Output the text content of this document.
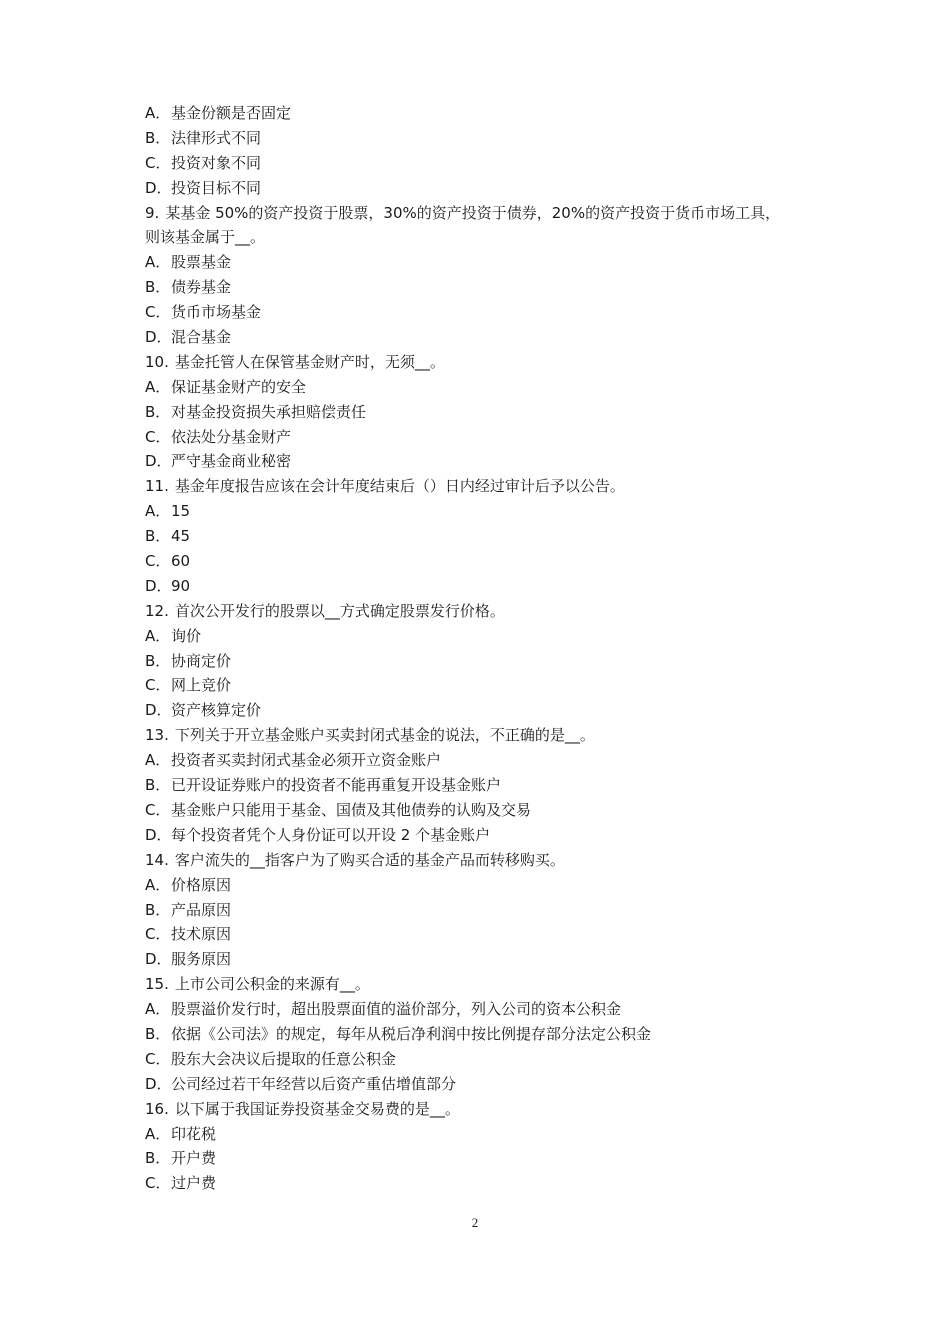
A．基金份额是否固定
B．法律形式不同
C．投资对象不同
D．投资目标不同
9. 某基金 50%的资产投资于股票，30%的资产投资于债券，20%的资产投资于货币市场工具，
则该基金属于__。
A．股票基金
B．债券基金
C．货币市场基金
D．混合基金
10. 基金托管人在保管基金财产时，无须__。
A．保证基金财产的安全
B．对基金投资损失承担赔偿责任
C．依法处分基金财产
D．严守基金商业秘密
11. 基金年度报告应该在会计年度结束后（）日内经过审计后予以公告。
A．15
B．45
C．60
D．90
12. 首次公开发行的股票以__方式确定股票发行价格。
A．询价
B．协商定价
C．网上竞价
D．资产核算定价
13. 下列关于开立基金账户买卖封闭式基金的说法，不正确的是__。
A．投资者买卖封闭式基金必须开立资金账户
B．已开设证券账户的投资者不能再重复开设基金账户
C．基金账户只能用于基金、国债及其他债券的认购及交易
D．每个投资者凭个人身份证可以开设 2 个基金账户
14. 客户流失的__指客户为了购买合适的基金产品而转移购买。
A．价格原因
B．产品原因
C．技术原因
D．服务原因
15. 上市公司公积金的来源有__。
A．股票溢价发行时，超出股票面值的溢价部分，列入公司的资本公积金
B．依据《公司法》的规定，每年从税后净利润中按比例提存部分法定公积金
C．股东大会决议后提取的任意公积金
D．公司经过若干年经营以后资产重估增值部分
16. 以下属于我国证券投资基金交易费的是__。
A．印花税
B．开户费
C．过户费
2
